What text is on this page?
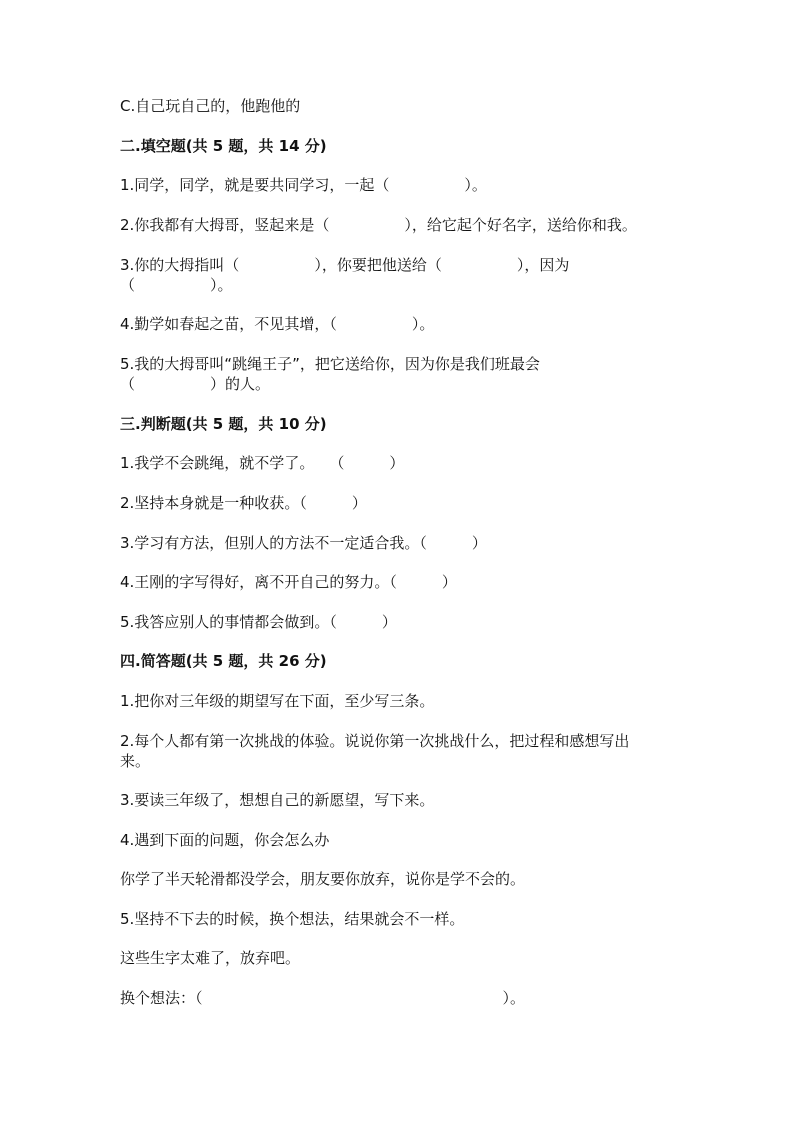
C.自己玩自己的，他跑他的
二.填空题(共 5 题，共 14 分)
1.同学，同学，就是要共同学习，一起（　　　　　）。
2.你我都有大拇哥，竖起来是（　　　　　），给它起个好名字，送给你和我。
3.你的大拇指叫（　　　　　），你要把他送给（　　　　　），因为
（　　　　　）。
4.勤学如春起之苗，不见其增，（　　　　　）。
5.我的大拇哥叫“跳绳王子”，把它送给你，因为你是我们班最会
（　　　　　）的人。
三.判断题(共 5 题，共 10 分)
1.我学不会跳绳，就不学了。　　（　　　）
2.坚持本身就是一种收获。（　　　）
3.学习有方法，但别人的方法不一定适合我。（　　　）
4.王刚的字写得好，离不开自己的努力。（　　　）
5.我答应别人的事情都会做到。（　　　）
四.简答题(共 5 题，共 26 分)
1.把你对三年级的期望写在下面，至少写三条。
2.每个人都有第一次挑战的体验。说说你第一次挑战什么，把过程和感想写出
来。
3.要读三年级了，想想自己的新愿望，写下来。
4.遇到下面的问题，你会怎么办
你学了半天轮滑都没学会，朋友要你放弃，说你是学不会的。
5.坚持不下去的时候，换个想法，结果就会不一样。
这些生字太难了，放弃吧。
换个想法：（　　　　　　　　　　　　　　　　　　　　）。
